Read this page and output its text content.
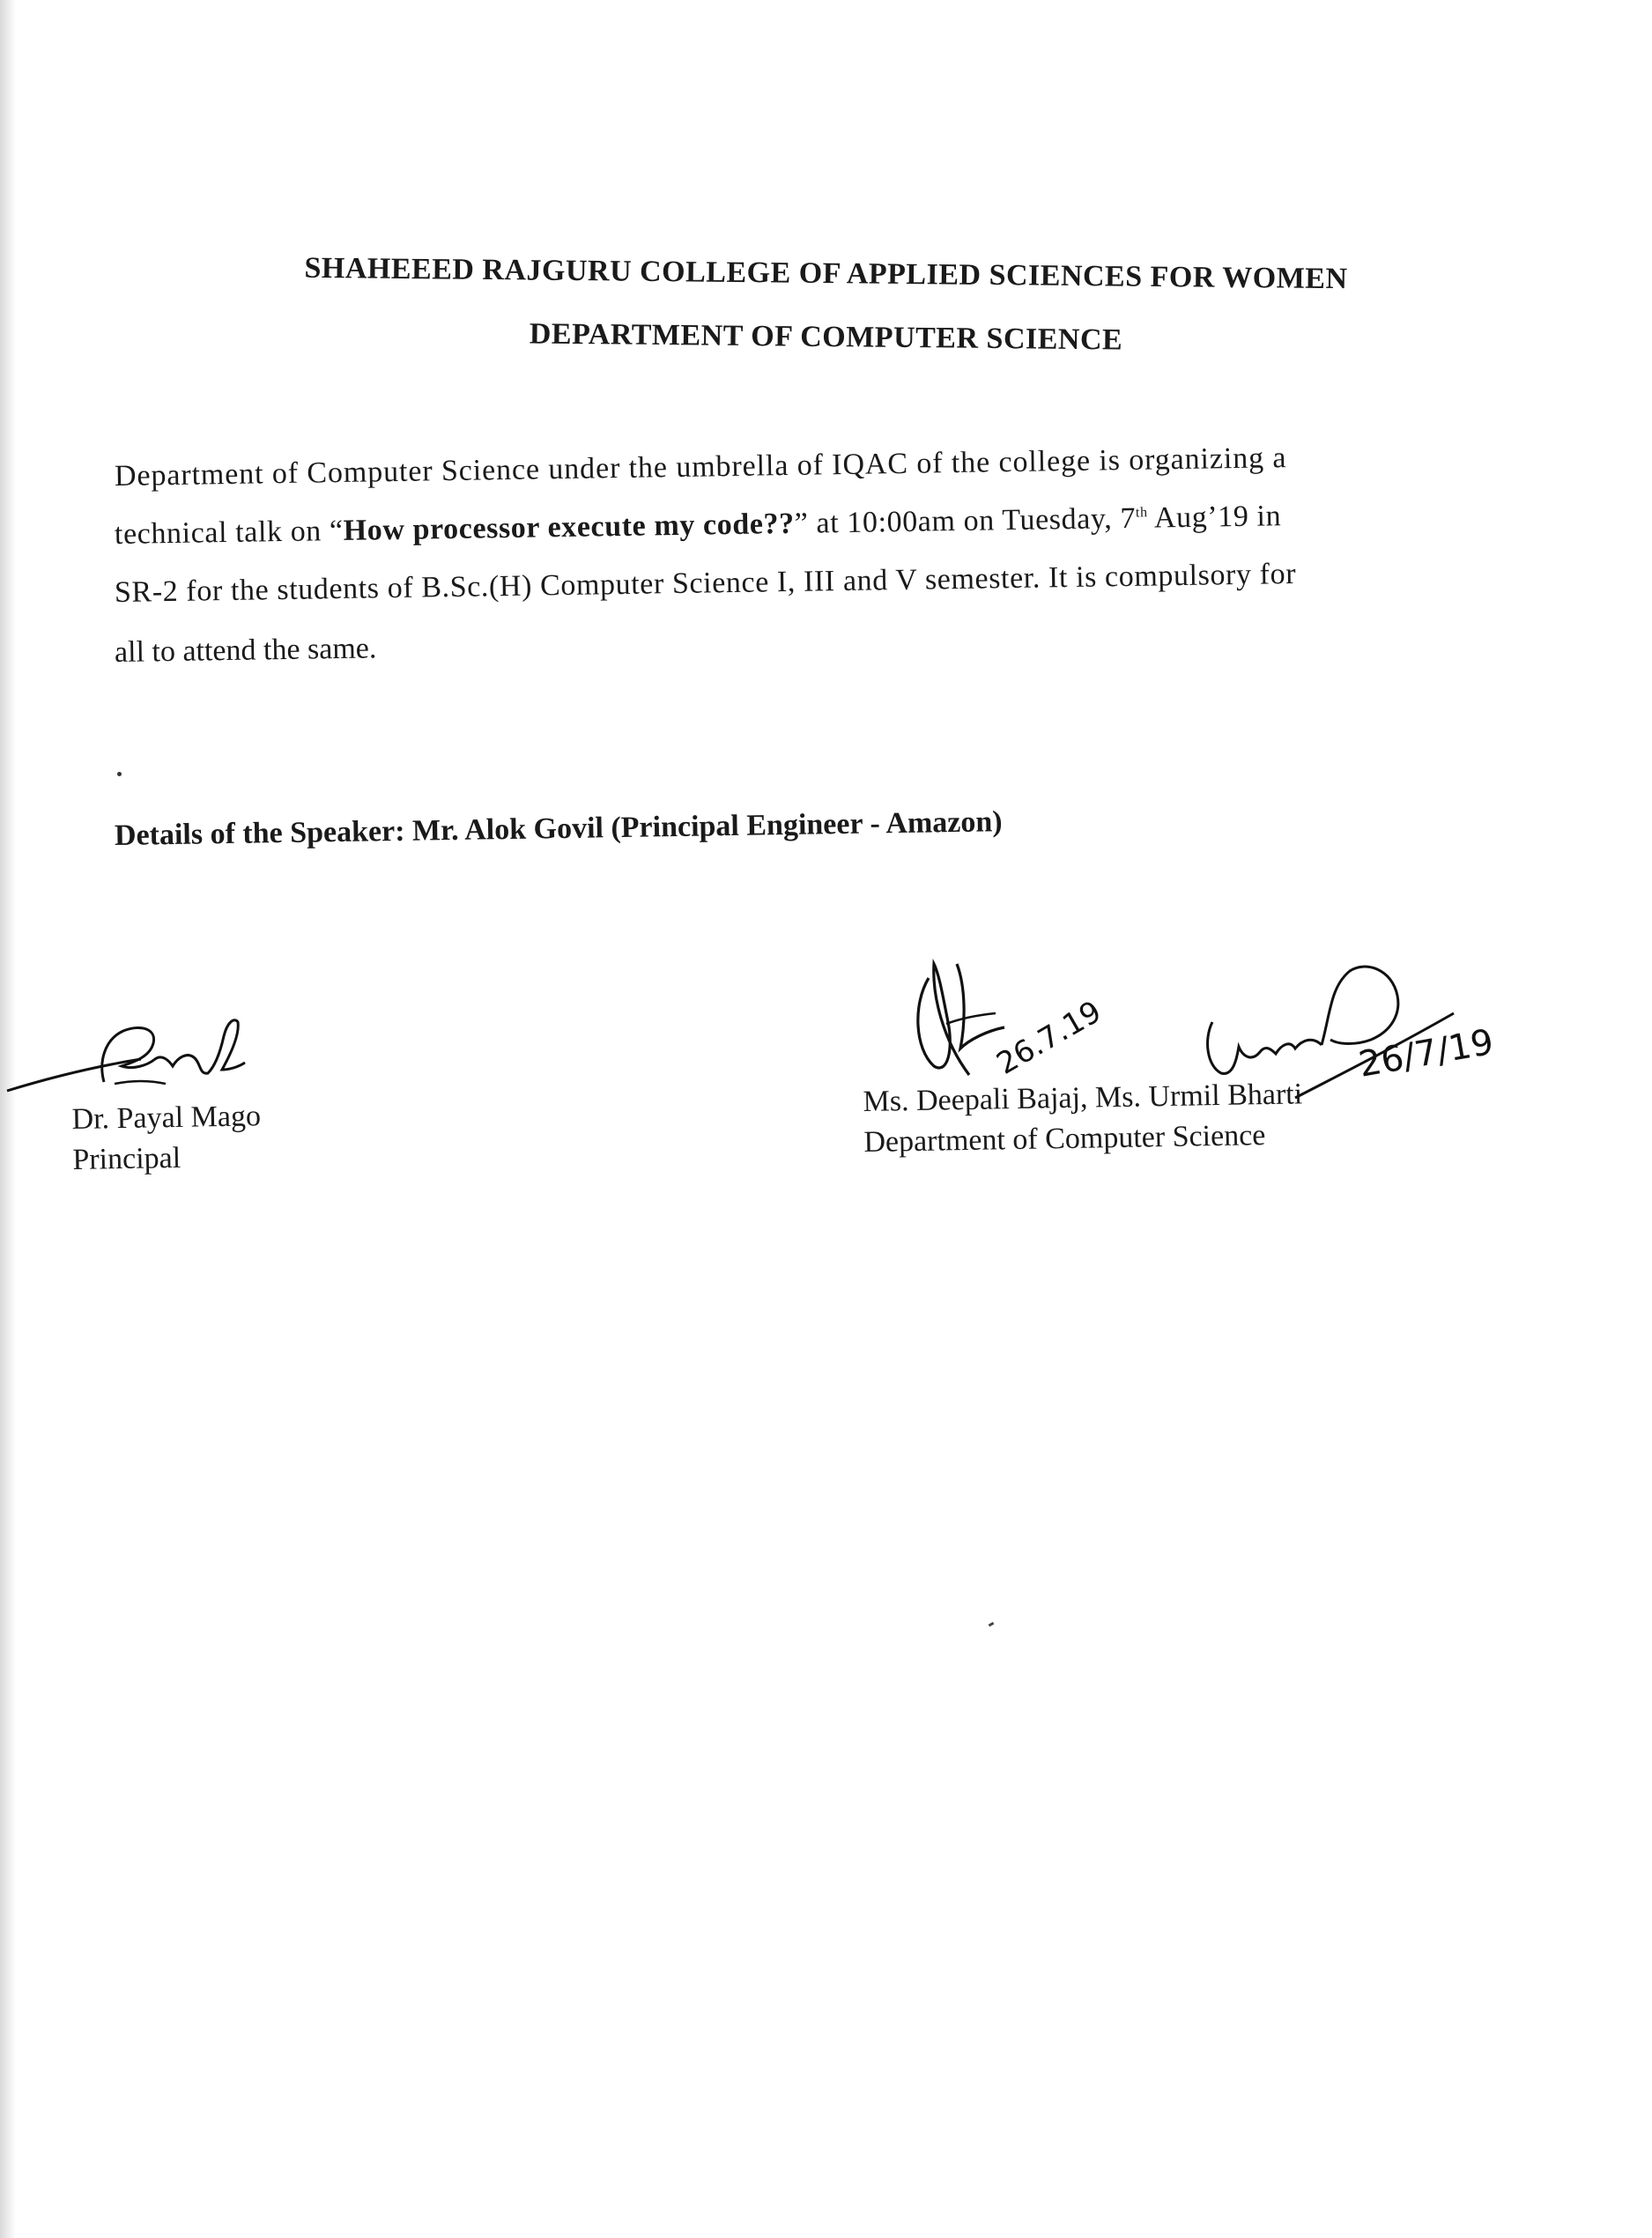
SHAHEEED RAJGURU COLLEGE OF APPLIED SCIENCES FOR WOMEN
DEPARTMENT OF COMPUTER SCIENCE
Department of Computer Science under the umbrella of IQAC of the college is organizing a
technical talk on “How processor execute my code??” at 10:00am on Tuesday, 7th Aug’19 in
SR-2 for the students of B.Sc.(H) Computer Science I, III and V semester. It is compulsory for
all to attend the same.
Details of the Speaker: Mr. Alok Govil (Principal Engineer - Amazon)
26.7.19	26/7/19
Dr. Payal Mago
Principal
Ms. Deepali Bajaj, Ms. Urmil Bharti
Department of Computer Science
